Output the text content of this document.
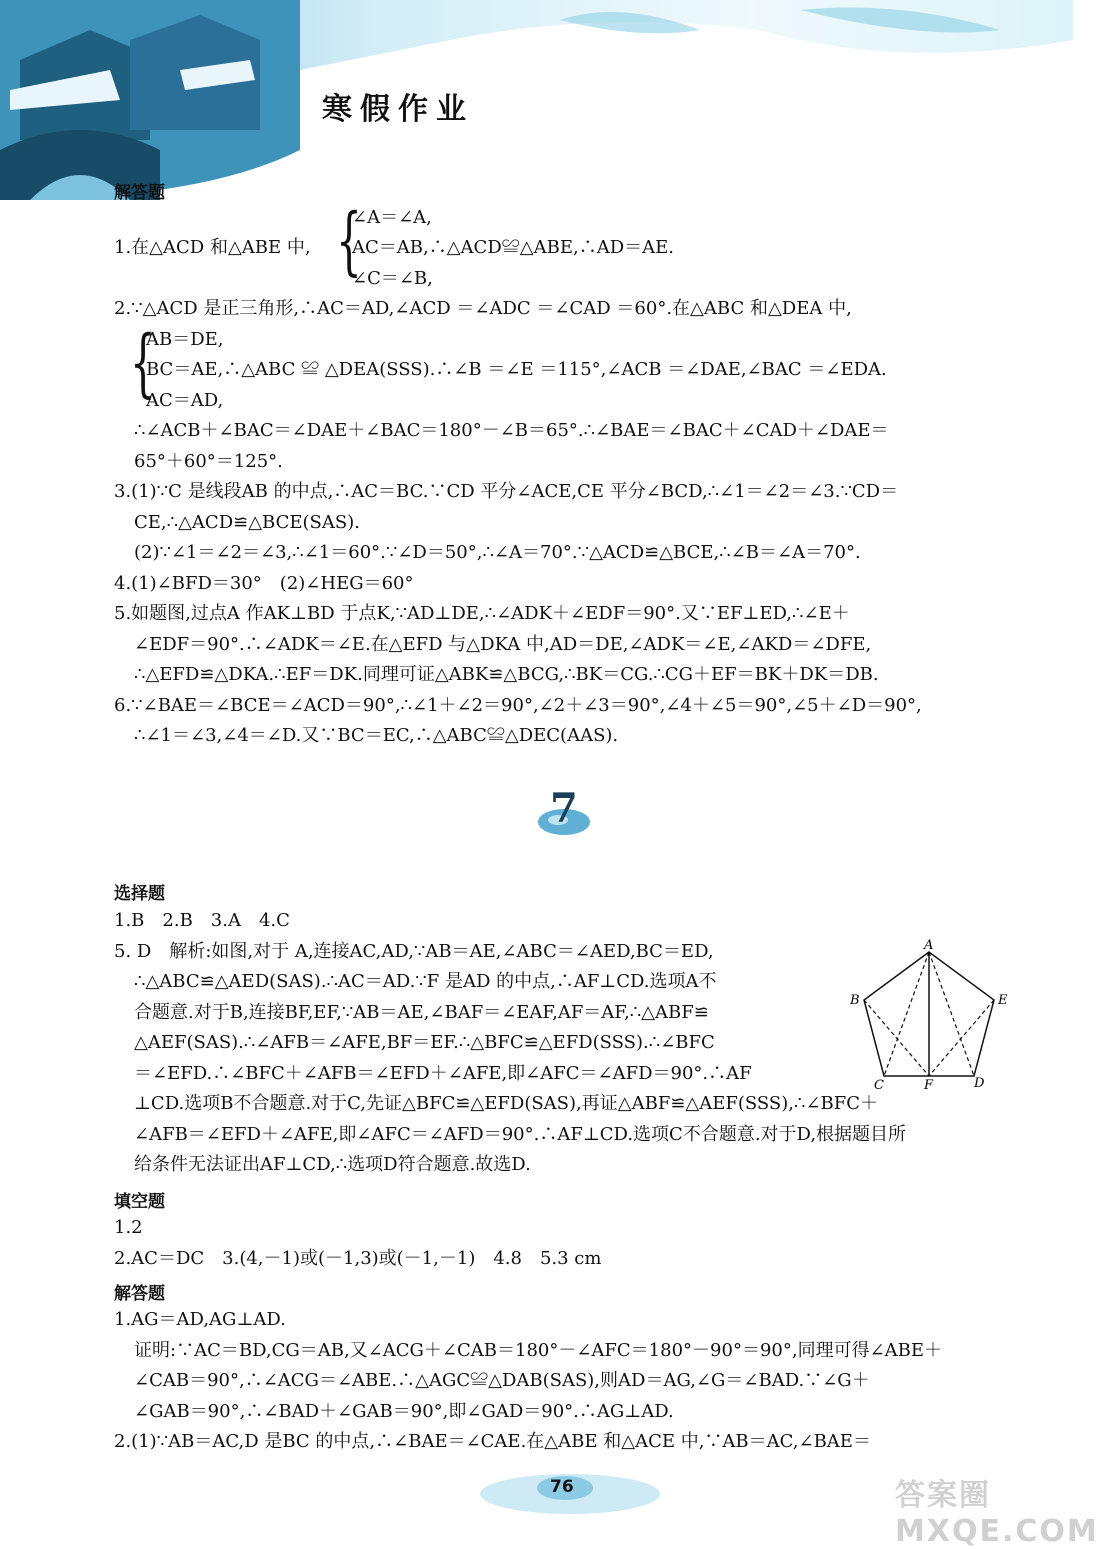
寒假作业
解答题
1.在△ACD 和△ABE 中, {
∠A＝∠A,
AC＝AB,∴△ACD≌△ABE,∴AD＝AE.
∠C＝∠B,
2.∵△ACD 是正三角形,∴AC＝AD,∠ACD ＝∠ADC ＝∠CAD ＝60°.在△ABC 和△DEA 中,
{
AB＝DE,
BC＝AE,∴△ABC ≌ △DEA(SSS).∴∠B ＝∠E ＝115°,∠ACB ＝∠DAE,∠BAC ＝∠EDA.
AC＝AD,
∴∠ACB＋∠BAC＝∠DAE＋∠BAC＝180°－∠B＝65°.∴∠BAE＝∠BAC＋∠CAD＋∠DAE＝
65°＋60°＝125°.
3.(1)∵C 是线段AB 的中点,∴AC＝BC.∵CD 平分∠ACE,CE 平分∠BCD,∴∠1＝∠2＝∠3.∵CD＝
CE,∴△ACD≌△BCE(SAS).
(2)∵∠1＝∠2＝∠3,∴∠1＝60°.∵∠D＝50°,∴∠A＝70°.∵△ACD≌△BCE,∴∠B＝∠A＝70°.
4.(1)∠BFD＝30°　(2)∠HEG＝60°
5.如题图,过点A 作AK⊥BD 于点K,∵AD⊥DE,∴∠ADK＋∠EDF＝90°.又∵EF⊥ED,∴∠E＋
∠EDF＝90°.∴∠ADK＝∠E.在△EFD 与△DKA 中,AD＝DE,∠ADK＝∠E,∠AKD＝∠DFE,
∴△EFD≌△DKA.∴EF＝DK.同理可证△ABK≌△BCG,∴BK＝CG.∴CG＋EF＝BK＋DK＝DB.
6.∵∠BAE＝∠BCE＝∠ACD＝90°,∴∠1＋∠2＝90°,∠2＋∠3＝90°,∠4＋∠5＝90°,∠5＋∠D＝90°,
∴∠1＝∠3,∠4＝∠D.又∵BC＝EC,∴△ABC≌△DEC(AAS).
7
选择题
1.B　2.B　3.A　4.C
5. D　解析:如图,对于 A,连接AC,AD,∵AB＝AE,∠ABC＝∠AED,BC＝ED,
∴△ABC≌△AED(SAS).∴AC＝AD.∵F 是AD 的中点,∴AF⊥CD.选项A不
合题意.对于B,连接BF,EF,∵AB＝AE,∠BAF＝∠EAF,AF＝AF,∴△ABF≌
△AEF(SAS).∴∠AFB＝∠AFE,BF＝EF.∴△BFC≌△EFD(SSS).∴∠BFC
＝∠EFD.∴∠BFC＋∠AFB＝∠EFD＋∠AFE,即∠AFC＝∠AFD＝90°.∴AF
⊥CD.选项B不合题意.对于C,先证△BFC≌△EFD(SAS),再证△ABF≌△AEF(SSS),∴∠BFC＋
∠AFB＝∠EFD＋∠AFE,即∠AFC＝∠AFD＝90°.∴AF⊥CD.选项C不合题意.对于D,根据题目所
给条件无法证出AF⊥CD,∴选项D符合题意.故选D.
A
B	E
C	F	D
填空题
1.2
2.AC＝DC　3.(4,－1)或(－1,3)或(－1,－1)　4.8　5.3 cm
解答题
1.AG＝AD,AG⊥AD.
证明:∵AC＝BD,CG＝AB,又∠ACG＋∠CAB＝180°－∠AFC＝180°－90°＝90°,同理可得∠ABE＋
∠CAB＝90°,∴∠ACG＝∠ABE.∴△AGC≌△DAB(SAS),则AD＝AG,∠G＝∠BAD.∵∠G＋
∠GAB＝90°,∴∠BAD＋∠GAB＝90°,即∠GAD＝90°.∴AG⊥AD.
2.(1)∵AB＝AC,D 是BC 的中点,∴∠BAE＝∠CAE.在△ABE 和△ACE 中,∵AB＝AC,∠BAE＝
76	答案圈 MXQE.COM
